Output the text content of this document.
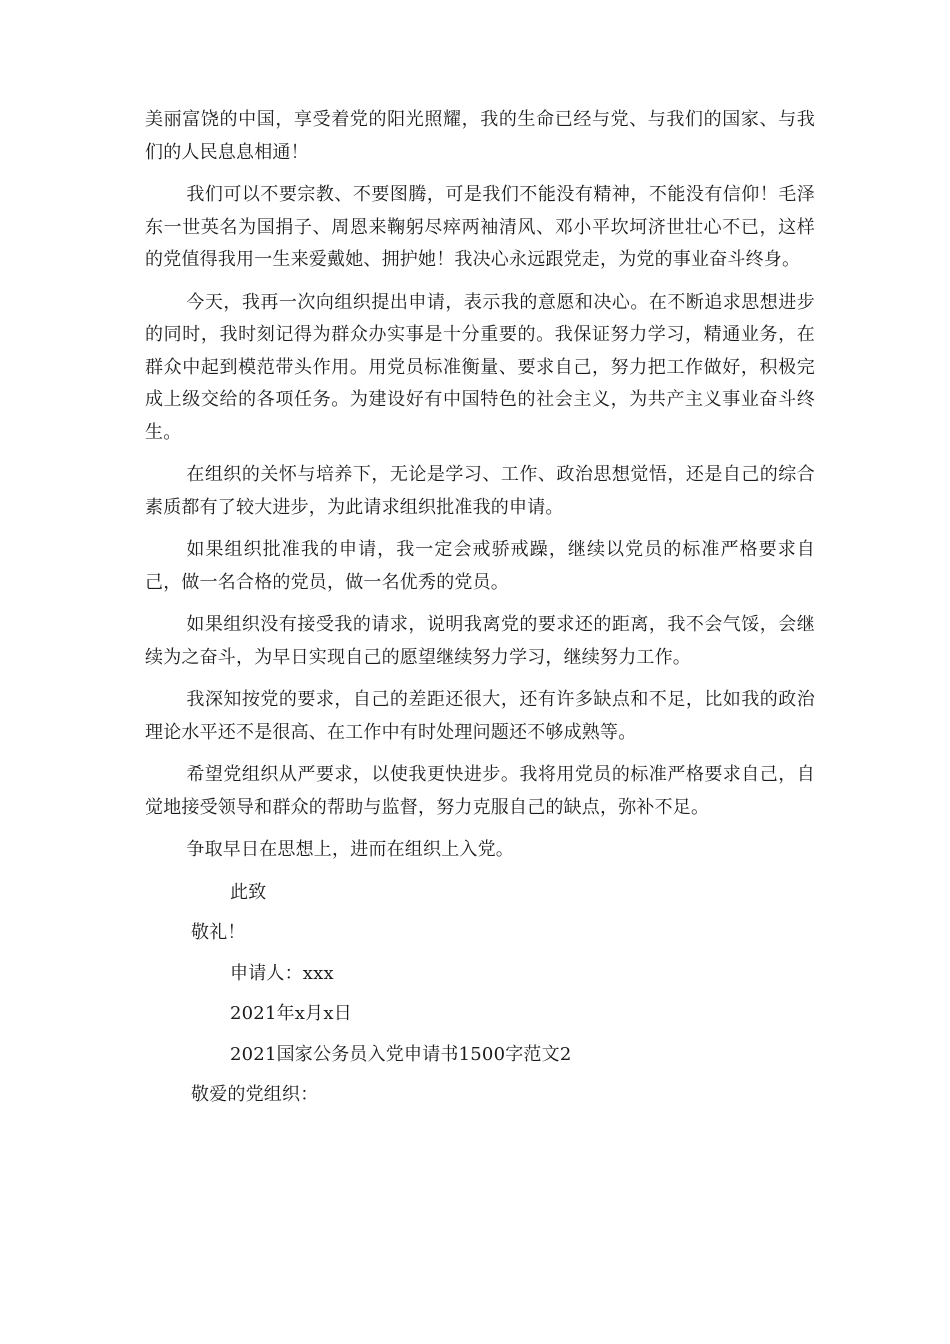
美丽富饶的中国，享受着党的阳光照耀，我的生命已经与党、与我们的国家、与我们的人民息息相通！

我们可以不要宗教、不要图腾，可是我们不能没有精神，不能没有信仰！毛泽东一世英名为国捐子、周恩来鞠躬尽瘁两袖清风、邓小平坎坷济世壮心不已，这样的党值得我用一生来爱戴她、拥护她！我决心永远跟党走，为党的事业奋斗终身。

今天，我再一次向组织提出申请，表示我的意愿和决心。在不断追求思想进步的同时，我时刻记得为群众办实事是十分重要的。我保证努力学习，精通业务，在群众中起到模范带头作用。用党员标准衡量、要求自己，努力把工作做好，积极完成上级交给的各项任务。为建设好有中国特色的社会主义，为共产主义事业奋斗终生。

在组织的关怀与培养下，无论是学习、工作、政治思想觉悟，还是自己的综合素质都有了较大进步，为此请求组织批准我的申请。

如果组织批准我的申请，我一定会戒骄戒躁，继续以党员的标准严格要求自己，做一名合格的党员，做一名优秀的党员。

如果组织没有接受我的请求，说明我离党的要求还的距离，我不会气馁，会继续为之奋斗，为早日实现自己的愿望继续努力学习，继续努力工作。

我深知按党的要求，自己的差距还很大，还有许多缺点和不足，比如我的政治理论水平还不是很高、在工作中有时处理问题还不够成熟等。

希望党组织从严要求，以使我更快进步。我将用党员的标准严格要求自己，自觉地接受领导和群众的帮助与监督，努力克服自己的缺点，弥补不足。

争取早日在思想上，进而在组织上入党。

此致
敬礼！
申请人：xxx
2021年x月x日
2021国家公务员入党申请书1500字范文2
敬爱的党组织：
